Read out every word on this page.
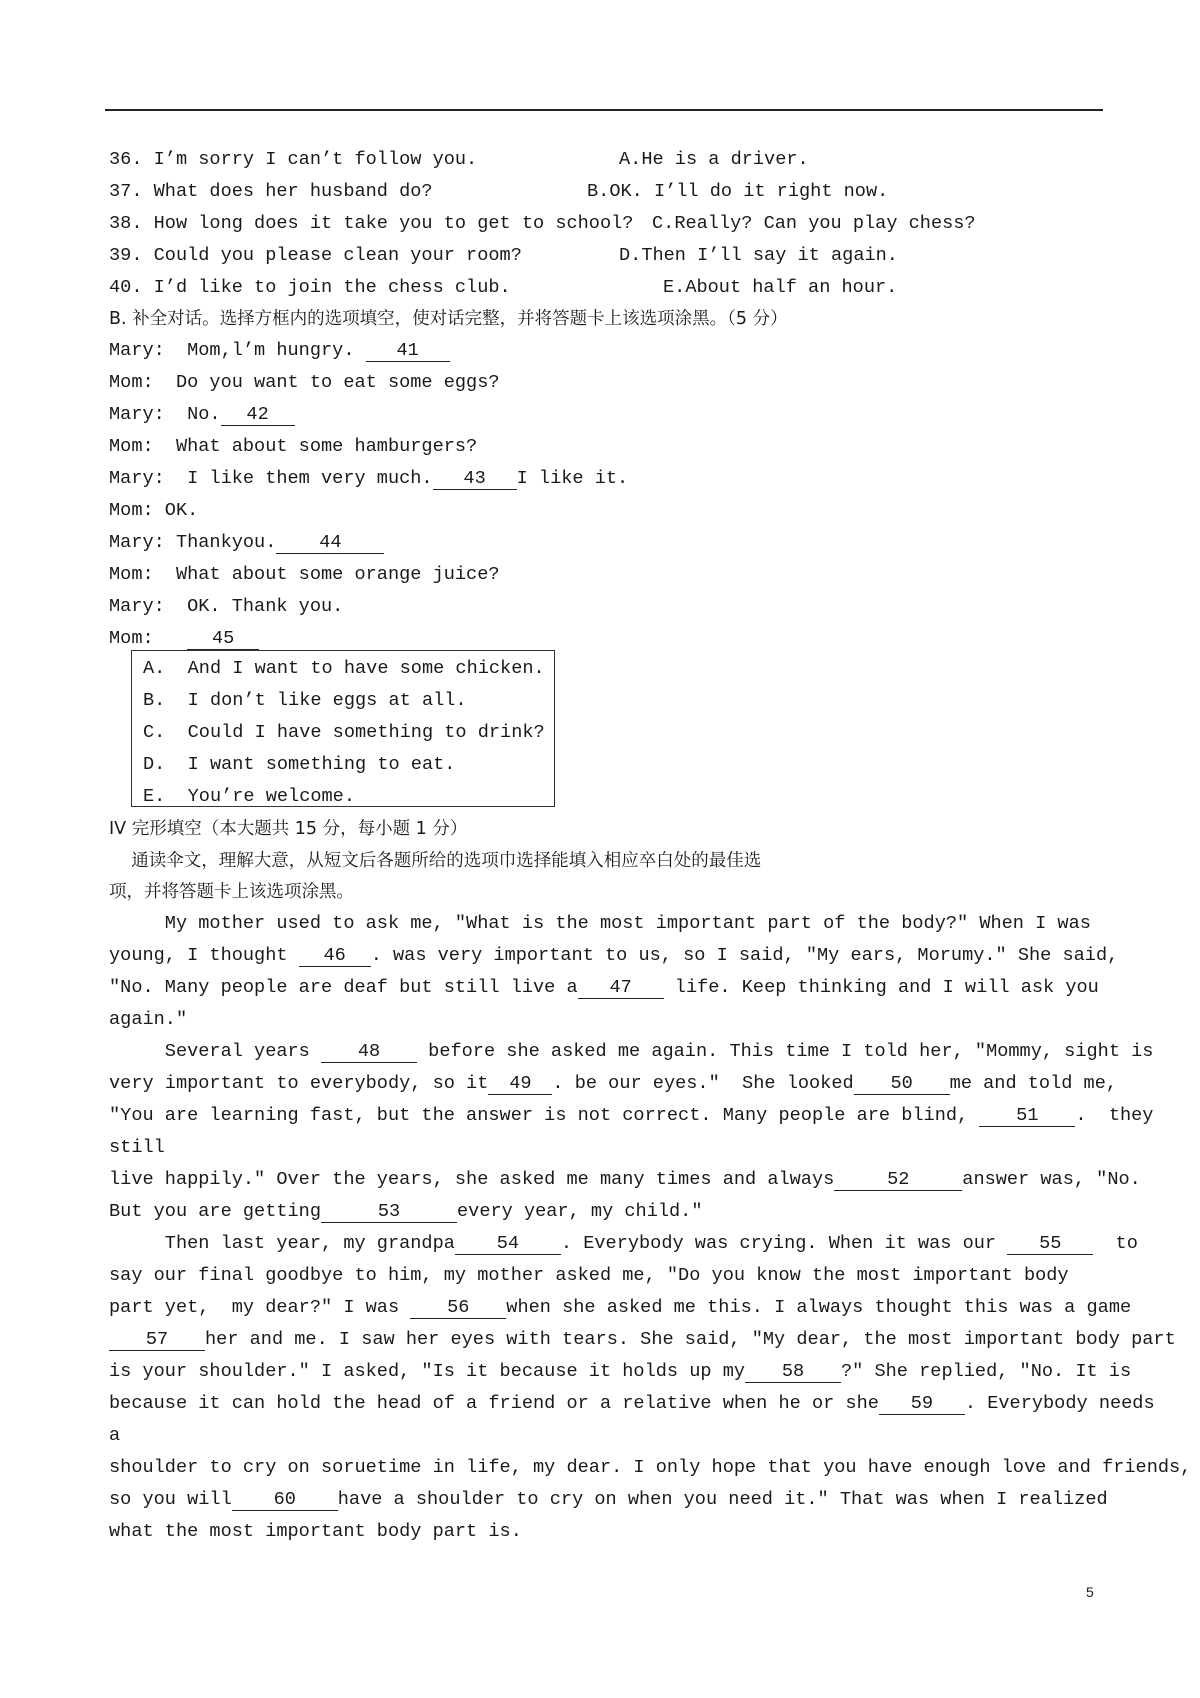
36. I’m sorry I can’t follow you.	A.He is a driver.
37. What does her husband do?	B.OK. I’ll do it right now.
38. How long does it take you to get to school? C.Really? Can you play chess?
39. Could you please clean your room?	D.Then I’ll say it again.
40. I’d like to join the chess club.	E.About half an hour.
B. 补全对话。选择方框内的选项填空，使对话完整，并将答题卡上该选项涂黑。（5 分）
Mary:  Mom,l’m hungry. 41
Mom:  Do you want to eat some eggs?
Mary:  No. 42
Mom:  What about some hamburgers?
Mary:  I like them very much. 43 I like it.
Mom: OK.
Mary: Thankyou. 44
Mom:  What about some orange juice?
Mary:  OK. Thank you.
Mom:   45
A.  And I want to have some chicken.
B.  I don’t like eggs at all.
C.  Could I have something to drink?
D.  I want something to eat.
E.  You’re welcome.
IV 完形填空（本大题共 15 分，每小题 1 分）
通读伞文，理解大意，从短文后各题所给的选项巾选择能填入相应卒白处的最佳选
项，并将答题卡上该选项涂黑。
My mother used to ask me, ″What is the most important part of the body?″ When I was
young, I thought 46 . was very important to us, so I said, ″My ears, Morumy.″ She said,
″No. Many people are deaf but still live a 47 life. Keep thinking and I will ask you
again.″
Several years 48 before she asked me again. This time I told her, ″Mommy, sight is
very important to everybody, so it 49 . be our eyes.″  She looked 50 me and told me,
″You are learning fast, but the answer is not correct. Many people are blind, 51 .  they
still
live happily.″ Over the years, she asked me many times and always	52	answer was, ″No.
But you are getting	53	every year, my child.″
Then last year, my grandpa 54 . Everybody was crying. When it was our 55  to
say our final goodbye to him, my mother asked me, ″Do you know the most important body
part yet,  my dear?″ I was 56 when she asked me this. I always thought this was a game
57 her and me. I saw her eyes with tears. She said, ″My dear, the most important body part
is your shoulder.″ I asked, ″Is it because it holds up my 58 ?″ She replied, ″No. It is
because it can hold the head of a friend or a relative when he or she 59 . Everybody needs
a
shoulder to cry on soruetime in life, my dear. I only hope that you have enough love and friends,
so you will 60 have a shoulder to cry on when you need it.″ That was when I realized
what the most important body part is.
5
